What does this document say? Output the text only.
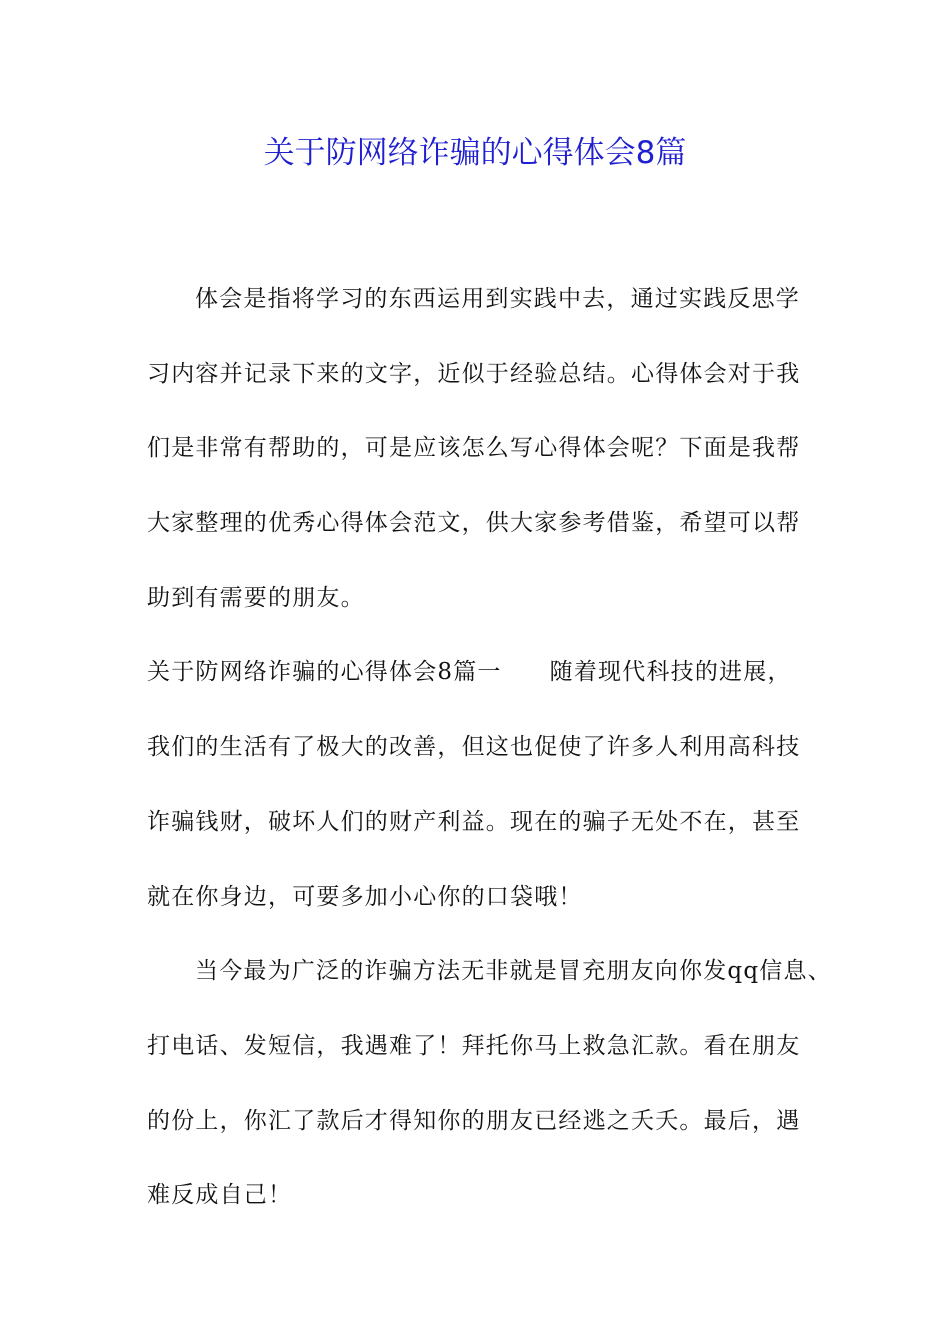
关于防网络诈骗的心得体会8篇
体会是指将学习的东西运用到实践中去，通过实践反思学
习内容并记录下来的文字，近似于经验总结。心得体会对于我
们是非常有帮助的，可是应该怎么写心得体会呢？下面是我帮
大家整理的优秀心得体会范文，供大家参考借鉴，希望可以帮
助到有需要的朋友。
关于防网络诈骗的心得体会8篇一 随着现代科技的进展，
我们的生活有了极大的改善，但这也促使了许多人利用高科技
诈骗钱财，破坏人们的财产利益。现在的骗子无处不在，甚至
就在你身边，可要多加小心你的口袋哦！
当今最为广泛的诈骗方法无非就是冒充朋友向你发qq信息、
打电话、发短信，我遇难了！拜托你马上救急汇款。看在朋友
的份上，你汇了款后才得知你的朋友已经逃之夭夭。最后，遇
难反成自己！
